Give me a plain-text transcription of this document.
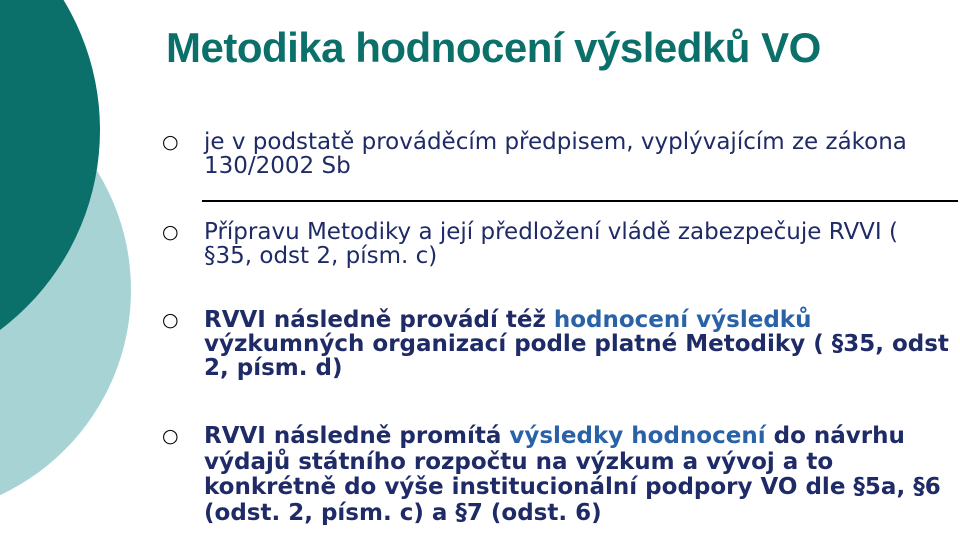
Metodika hodnocení výsledků VO
○ je v podstatě prováděcím předpisem, vyplývajícím ze zákona 130/2002 Sb
○ Přípravu Metodiky a její předložení vládě zabezpečuje RVVI ( §35, odst 2, písm. c)
○ RVVI následně provádí též hodnocení výsledků výzkumných organizací podle platné Metodiky ( §35, odst 2, písm. d)
○ RVVI následně promítá výsledky hodnocení do návrhu výdajů státního rozpočtu na výzkum a vývoj a to konkrétně do výše institucionální podpory VO dle §5a, §6 (odst. 2, písm. c) a §7 (odst. 6)
